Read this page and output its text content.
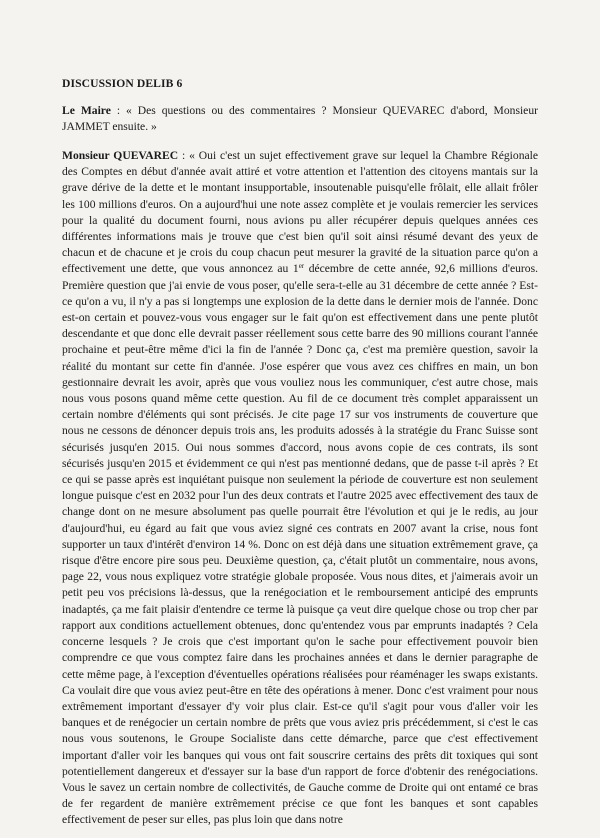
DISCUSSION DELIB 6
Le Maire : « Des questions ou des commentaires ? Monsieur QUEVAREC d'abord, Monsieur JAMMET ensuite. »
Monsieur QUEVAREC : « Oui c'est un sujet effectivement grave sur lequel la Chambre Régionale des Comptes en début d'année avait attiré et votre attention et l'attention des citoyens mantais sur la grave dérive de la dette et le montant insupportable, insoutenable puisqu'elle frôlait, elle allait frôler les 100 millions d'euros. On a aujourd'hui une note assez complète et je voulais remercier les services pour la qualité du document fourni, nous avions pu aller récupérer depuis quelques années ces différentes informations mais je trouve que c'est bien qu'il soit ainsi résumé devant des yeux de chacun et de chacune et je crois du coup chacun peut mesurer la gravité de la situation parce qu'on a effectivement une dette, que vous annoncez au 1er décembre de cette année, 92,6 millions d'euros. Première question que j'ai envie de vous poser, qu'elle sera-t-elle au 31 décembre de cette année ? Est-ce qu'on a vu, il n'y a pas si longtemps une explosion de la dette dans le dernier mois de l'année. Donc est-on certain et pouvez-vous vous engager sur le fait qu'on est effectivement dans une pente plutôt descendante et que donc elle devrait passer réellement sous cette barre des 90 millions courant l'année prochaine et peut-être même d'ici la fin de l'année ? Donc ça, c'est ma première question, savoir la réalité du montant sur cette fin d'année. J'ose espérer que vous avez ces chiffres en main, un bon gestionnaire devrait les avoir, après que vous vouliez nous les communiquer, c'est autre chose, mais nous vous posons quand même cette question. Au fil de ce document très complet apparaissent un certain nombre d'éléments qui sont précisés. Je cite page 17 sur vos instruments de couverture que nous ne cessons de dénoncer depuis trois ans, les produits adossés à la stratégie du Franc Suisse sont sécurisés jusqu'en 2015. Oui nous sommes d'accord, nous avons copie de ces contrats, ils sont sécurisés jusqu'en 2015 et évidemment ce qui n'est pas mentionné dedans, que de passe t-il après ? Et ce qui se passe après est inquiétant puisque non seulement la période de couverture est non seulement longue puisque c'est en 2032 pour l'un des deux contrats et l'autre 2025 avec effectivement des taux de change dont on ne mesure absolument pas quelle pourrait être l'évolution et qui je le redis, au jour d'aujourd'hui, eu égard au fait que vous aviez signé ces contrats en 2007 avant la crise, nous font supporter un taux d'intérêt d'environ 14 %. Donc on est déjà dans une situation extrêmement grave, ça risque d'être encore pire sous peu. Deuxième question, ça, c'était plutôt un commentaire, nous avons, page 22, vous nous expliquez votre stratégie globale proposée. Vous nous dites, et j'aimerais avoir un petit peu vos précisions là-dessus, que la renégociation et le remboursement anticipé des emprunts inadaptés, ça me fait plaisir d'entendre ce terme là puisque ça veut dire quelque chose ou trop cher par rapport aux conditions actuellement obtenues, donc qu'entendez vous par emprunts inadaptés ? Cela concerne lesquels ? Je crois que c'est important qu'on le sache pour effectivement pouvoir bien comprendre ce que vous comptez faire dans les prochaines années et dans le dernier paragraphe de cette même page, à l'exception d'éventuelles opérations réalisées pour réaménager les swaps existants. Ca voulait dire que vous aviez peut-être en tête des opérations à mener. Donc c'est vraiment pour nous extrêmement important d'essayer d'y voir plus clair. Est-ce qu'il s'agit pour vous d'aller voir les banques et de renégocier un certain nombre de prêts que vous aviez pris précédemment, si c'est le cas nous vous soutenons, le Groupe Socialiste dans cette démarche, parce que c'est effectivement important d'aller voir les banques qui vous ont fait souscrire certains des prêts dit toxiques qui sont potentiellement dangereux et d'essayer sur la base d'un rapport de force d'obtenir des renégociations. Vous le savez un certain nombre de collectivités, de Gauche comme de Droite qui ont entamé ce bras de fer regardent de manière extrêmement précise ce que font les banques et sont capables effectivement de peser sur elles, pas plus loin que dans notre
